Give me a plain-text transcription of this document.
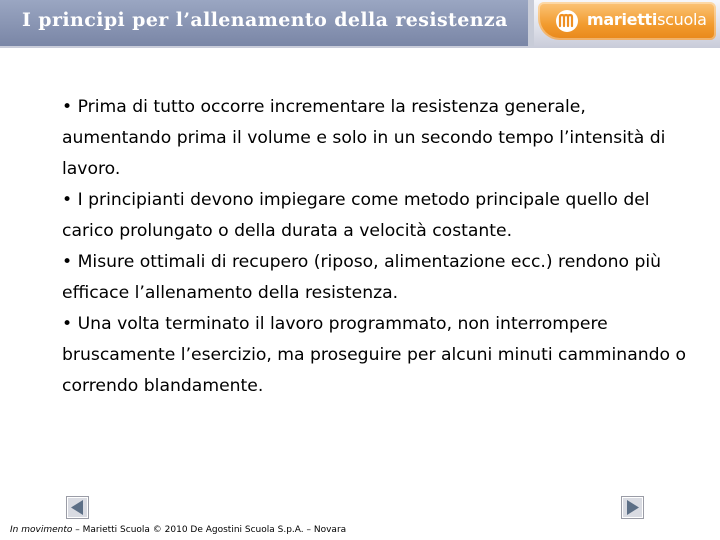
I principi per l’allenamento della resistenza	mariettiscuola

• Prima di tutto occorre incrementare la resistenza generale, aumentando prima il volume e solo in un secondo tempo l’intensità di lavoro.

• I principianti devono impiegare come metodo principale quello del carico prolungato o della durata a velocità costante.

• Misure ottimali di recupero (riposo, alimentazione ecc.) rendono più efficace l’allenamento della resistenza.

• Una volta terminato il lavoro programmato, non interrompere bruscamente l’esercizio, ma proseguire per alcuni minuti camminando o correndo blandamente.

In movimento – Marietti Scuola © 2010 De Agostini Scuola S.p.A. – Novara
